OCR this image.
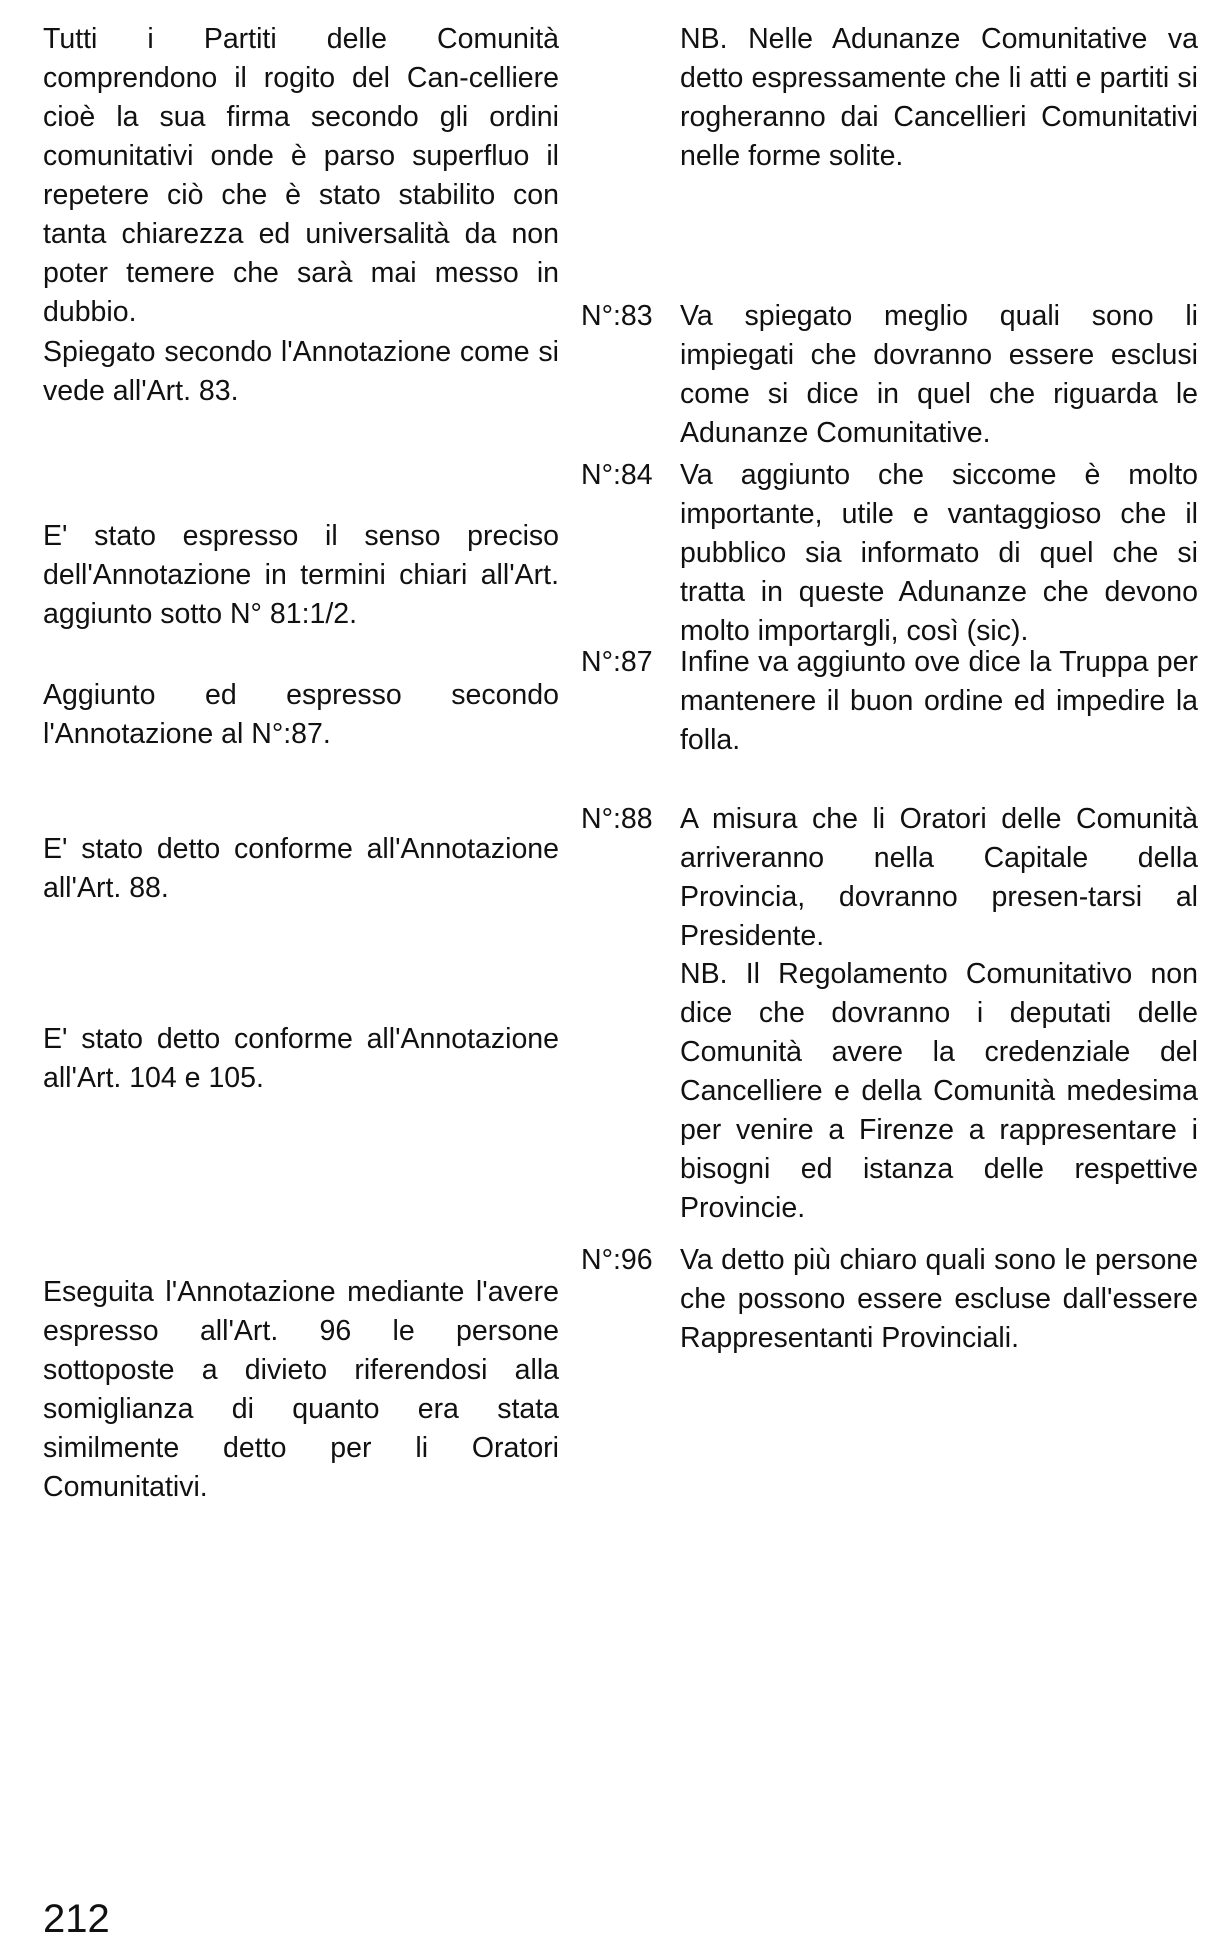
Tutti i Partiti delle Comunità comprendono il rogito del Can-celliere cioè la sua firma secondo gli ordini comunitativi onde è parso superfluo il repetere ciò che è stato stabilito con tanta chiarezza ed universalità da non poter temere che sarà mai messo in dubbio.

Spiegato secondo l'Annotazione come si vede all'Art. 83.

E' stato espresso il senso preciso dell'Annotazione in termini chiari all'Art. aggiunto sotto N° 81:1/2.

Aggiunto ed espresso secondo l'Annotazione al N°:87.

E' stato detto conforme all'Annotazione all'Art. 88.

E' stato detto conforme all'Annotazione all'Art. 104 e 105.

Eseguita l'Annotazione mediante l'avere espresso all'Art. 96 le persone sottoposte a divieto riferendosi alla somiglianza di quanto era stata similmente detto per li Oratori Comunitativi.

N°:83

N°:84

N°:87

N°:88

N°:96

NB. Nelle Adunanze Comunitative va detto espressamente che li atti e partiti si rogheranno dai Cancellieri Comunitativi nelle forme solite.

Va spiegato meglio quali sono li impiegati che dovranno essere esclusi come si dice in quel che riguarda le Adunanze Comunitative.

Va aggiunto che siccome è molto importante, utile e vantaggioso che il pubblico sia informato di quel che si tratta in queste Adunanze che devono molto importargli, così (sic).

Infine va aggiunto ove dice la Truppa per mantenere il buon ordine ed impedire la folla.

A misura che li Oratori delle Comunità arriveranno nella Capitale della Provincia, dovranno presen-tarsi al Presidente.

NB. Il Regolamento Comunitativo non dice che dovranno i deputati delle Comunità avere la credenziale del Cancelliere e della Comunità medesima per venire a Firenze a rappresentare i bisogni ed istanza delle respettive Provincie.

Va detto più chiaro quali sono le persone che possono essere escluse dall'essere Rappresentanti Provinciali.

212
